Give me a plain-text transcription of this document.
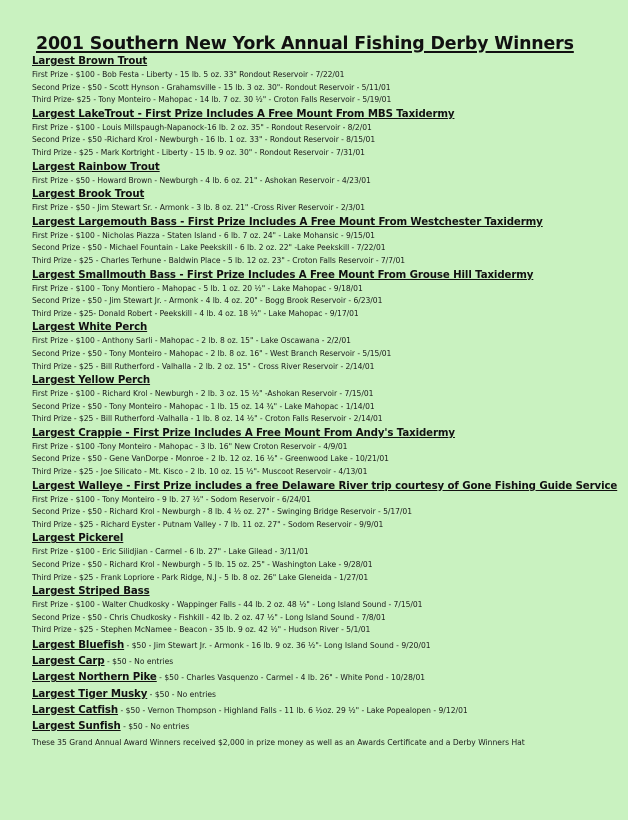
2001 Southern New York Annual Fishing Derby Winners
Largest Brown Trout
First Prize - $100 - Bob Festa - Liberty - 15 lb. 5 oz. 33" Rondout Reservoir - 7/22/01
Second Prize - $50 - Scott Hynson - Grahamsville - 15 lb. 3 oz. 30"- Rondout Reservoir - 5/11/01
Third Prize- $25 - Tony Monteiro - Mahopac - 14 lb. 7 oz. 30 ½" - Croton Falls Reservoir - 5/19/01
Largest LakeTrout - First Prize Includes A Free Mount From MBS Taxidermy
First Prize - $100 - Louis Millspaugh-Napanock-16 lb. 2 oz. 35" - Rondout Reservoir - 8/2/01
Second Prize - $50 -Richard Krol - Newburgh - 16 lb. 1 oz. 33" - Rondout Reservoir - 8/15/01
Third Prize - $25 - Mark Kortright - Liberty - 15 lb. 9 oz. 30" - Rondout Reservoir - 7/31/01
Largest Rainbow Trout
First Prize - $50 - Howard Brown - Newburgh - 4 lb. 6 oz. 21" - Ashokan Reservoir - 4/23/01
Largest Brook Trout
First Prize - $50 - Jim Stewart Sr. - Armonk - 3 lb. 8 oz. 21" -Cross River Reservoir - 2/3/01
Largest Largemouth Bass - First Prize Includes A Free Mount From Westchester Taxidermy
First Prize - $100 - Nicholas Piazza - Staten Island - 6 lb. 7 oz. 24" - Lake Mohansic - 9/15/01
Second Prize - $50 - Michael Fountain - Lake Peekskill - 6 lb. 2 oz. 22" -Lake Peekskill - 7/22/01
Third Prize - $25 - Charles Terhune - Baldwin Place - 5 lb. 12 oz. 23" - Croton Falls Reservoir - 7/7/01
Largest Smallmouth Bass - First Prize Includes A Free Mount From Grouse Hill Taxidermy
First Prize - $100 - Tony Montiero - Mahopac - 5 lb. 1 oz. 20 ½" - Lake Mahopac - 9/18/01
Second Prize - $50 - Jim Stewart Jr. - Armonk - 4 lb. 4 oz. 20" - Bogg Brook Reservoir - 6/23/01
Third Prize - $25- Donald Robert - Peekskill - 4 lb. 4 oz. 18 ½" - Lake Mahopac - 9/17/01
Largest White Perch
First Prize - $100 - Anthony Sarli - Mahopac - 2 lb. 8 oz. 15" - Lake Oscawana - 2/2/01
Second Prize - $50 - Tony Monteiro - Mahopac - 2 lb. 8 oz. 16" - West Branch Reservoir - 5/15/01
Third Prize - $25 - Bill Rutherford - Valhalla - 2 lb. 2 oz. 15" - Cross River Reservoir - 2/14/01
Largest Yellow Perch
First Prize - $100 - Richard Krol - Newburgh - 2 lb. 3 oz. 15 ½" -Ashokan Reservoir - 7/15/01
Second Prize - $50 - Tony Monteiro - Mahopac - 1 lb. 15 oz. 14 ¾" - Lake Mahopac - 1/14/01
Third Prize - $25 - Bill Rutherford -Valhalla - 1 lb. 8 oz. 14 ½" - Croton Falls Reservoir - 2/14/01
Largest Crappie - First Prize Includes A Free Mount From Andy's Taxidermy
First Prize - $100 -Tony Monteiro - Mahopac - 3 lb. 16" New Croton Reservoir - 4/9/01
Second Prize - $50 - Gene VanDorpe - Monroe - 2 lb. 12 oz. 16 ½" - Greenwood Lake - 10/21/01
Third Prize - $25 - Joe Silicato - Mt. Kisco - 2 lb. 10 oz. 15 ½"- Muscoot Reservoir - 4/13/01
Largest Walleye - First Prize includes a free Delaware River trip courtesy of Gone Fishing Guide Service
First Prize - $100 - Tony Monteiro - 9 lb. 27 ½" - Sodom Reservoir - 6/24/01
Second Prize - $50 - Richard Krol - Newburgh - 8 lb. 4 ½ oz. 27" - Swinging Bridge Reservoir - 5/17/01
Third Prize - $25 - Richard Eyster - Putnam Valley - 7 lb. 11 oz. 27" - Sodom Reservoir - 9/9/01
Largest Pickerel
First Prize - $100 - Eric Silidjian - Carmel - 6 lb. 27" - Lake Gilead - 3/11/01
Second Prize - $50 - Richard Krol - Newburgh - 5 lb. 15 oz. 25" - Washington Lake - 9/28/01
Third Prize - $25 - Frank Lopriore - Park Ridge, N.J - 5 lb. 8 oz. 26" Lake Gleneida - 1/27/01
Largest Striped Bass
First Prize - $100 - Walter Chudkosky - Wappinger Falls - 44 lb. 2 oz. 48 ½" - Long Island Sound - 7/15/01
Second Prize - $50 - Chris Chudkosky - Fishkill - 42 lb. 2 oz. 47 ½" - Long Island Sound - 7/8/01
Third Prize - $25 - Stephen McNamee - Beacon - 35 lb. 9 oz. 42 ½" - Hudson River - 5/1/01
Largest Bluefish - $50 - Jim Stewart Jr. - Armonk - 16 lb. 9 oz. 36 ½"- Long Island Sound - 9/20/01
Largest Carp - $50 - No entries
Largest Northern Pike - $50 - Charles Vasquenzo - Carmel - 4 lb. 26" - White Pond - 10/28/01
Largest Tiger Musky - $50 - No entries
Largest Catfish - $50 - Vernon Thompson - Highland Falls - 11 lb. 6 ½oz. 29 ½" - Lake Popealopen - 9/12/01
Largest Sunfish - $50 - No entries
These 35 Grand Annual Award Winners received $2,000 in prize money as well as an Awards Certificate and a Derby Winners Hat
